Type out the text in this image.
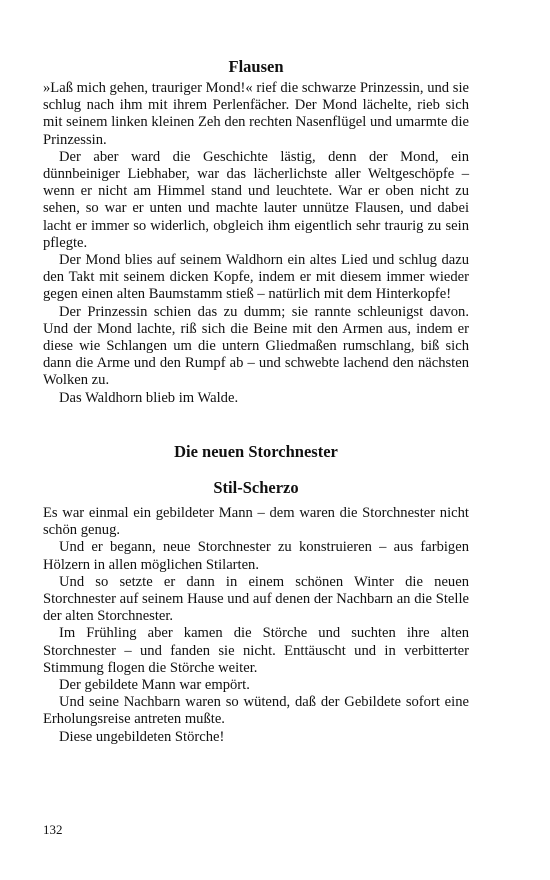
Flausen

»Laß mich gehen, trauriger Mond!« rief die schwarze Prinzessin, und sie schlug nach ihm mit ihrem Perlenfächer. Der Mond lächelte, rieb sich mit seinem linken kleinen Zeh den rechten Nasenflügel und umarmte die Prinzessin.

Der aber ward die Geschichte lästig, denn der Mond, ein dünnbeiniger Liebhaber, war das lächerlichste aller Weltgeschöpfe – wenn er nicht am Himmel stand und leuchtete. War er oben nicht zu sehen, so war er unten und machte lauter unnütze Flausen, und dabei lacht er immer so widerlich, obgleich ihm eigentlich sehr traurig zu sein pflegte.

Der Mond blies auf seinem Waldhorn ein altes Lied und schlug dazu den Takt mit seinem dicken Kopfe, indem er mit diesem immer wieder gegen einen alten Baumstamm stieß – natürlich mit dem Hinterkopfe!

Der Prinzessin schien das zu dumm; sie rannte schleunigst davon. Und der Mond lachte, riß sich die Beine mit den Armen aus, indem er diese wie Schlangen um die untern Gliedmaßen rumschlang, biß sich dann die Arme und den Rumpf ab – und schwebte lachend den nächsten Wolken zu.

Das Waldhorn blieb im Walde.

Die neuen Storchnester
Stil-Scherzo

Es war einmal ein gebildeter Mann – dem waren die Storchnester nicht schön genug.

Und er begann, neue Storchnester zu konstruieren – aus farbigen Hölzern in allen möglichen Stilarten.

Und so setzte er dann in einem schönen Winter die neuen Storchnester auf seinem Hause und auf denen der Nachbarn an die Stelle der alten Storchnester.

Im Frühling aber kamen die Störche und suchten ihre alten Storchnester – und fanden sie nicht. Enttäuscht und in verbitterter Stimmung flogen die Störche weiter.

Der gebildete Mann war empört.

Und seine Nachbarn waren so wütend, daß der Gebildete sofort eine Erholungsreise antreten mußte.

Diese ungebildeten Störche!

132
